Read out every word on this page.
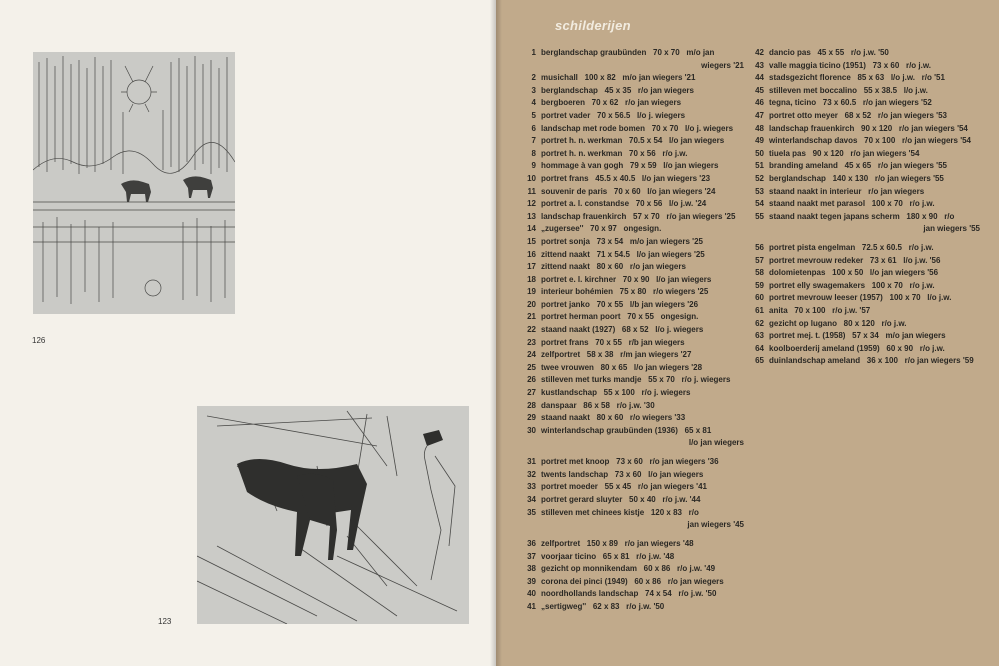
126
123
schilderijen
1 berglandschap graubünden   70 x 70   m/o jan
wiegers '21
2 musichall   100 x 82   m/o jan wiegers '21
3 berglandschap   45 x 35   r/o jan wiegers
4 bergboeren   70 x 62   r/o jan wiegers
5 portret vader   70 x 56.5   l/o j. wiegers
6 landschap met rode bomen   70 x 70   l/o j. wiegers
7 portret h. n. werkman   70.5 x 54   l/o jan wiegers
8 portret h. n. werkman   70 x 56   r/o j.w.
9 hommage à van gogh   79 x 59   l/o jan wiegers
10 portret frans   45.5 x 40.5   l/o jan wiegers '23
11 souvenir de paris   70 x 60   l/o jan wiegers '24
12 portret a. l. constandse   70 x 56   l/o j.w. '24
13 landschap frauenkirch   57 x 70   r/o jan wiegers '25
14 „zugersee''   70 x 97   ongesign.
15 portret sonja   73 x 54   m/o jan wiegers '25
16 zittend naakt   71 x 54.5   l/o jan wiegers '25
17 zittend naakt   80 x 60   r/o jan wiegers
18 portret e. l. kirchner   70 x 90   l/o jan wiegers
19 interieur bohémien   75 x 80   r/o wiegers '25
20 portret janko   70 x 55   l/b jan wiegers '26
21 portret herman poort   70 x 55   ongesign.
22 staand naakt (1927)   68 x 52   l/o j. wiegers
23 portret frans   70 x 55   r/b jan wiegers
24 zelfportret   58 x 38   r/m jan wiegers '27
25 twee vrouwen   80 x 65   l/o jan wiegers '28
26 stilleven met turks mandje   55 x 70   r/o j. wiegers
27 kustlandschap   55 x 100   r/o j. wiegers
28 danspaar   86 x 58   r/o j.w. '30
29 staand naakt   80 x 60   r/o wiegers '33
30 winterlandschap graubünden (1936)   65 x 81
l/o jan wiegers
31 portret met knoop   73 x 60   r/o jan wiegers '36
32 twents landschap   73 x 60   l/o jan wiegers
33 portret moeder   55 x 45   r/o jan wiegers '41
34 portret gerard sluyter   50 x 40   r/o j.w. '44
35 stilleven met chinees kistje   120 x 83   r/o
jan wiegers '45
36 zelfportret   150 x 89   r/o jan wiegers '48
37 voorjaar ticino   65 x 81   r/o j.w. '48
38 gezicht op monnikendam   60 x 86   r/o j.w. '49
39 corona dei pinci (1949)   60 x 86   r/o jan wiegers
40 noordhollands landschap   74 x 54   r/o j.w. '50
41 „sertigweg''   62 x 83   r/o j.w. '50
42 dancio pas   45 x 55   r/o j.w. '50
43 valle maggia ticino (1951)   73 x 60   r/o j.w.
44 stadsgezicht florence   85 x 63   l/o j.w.   r/o '51
45 stilleven met boccalino   55 x 38.5   l/o j.w.
46 tegna, ticino   73 x 60.5   r/o jan wiegers '52
47 portret otto meyer   68 x 52   r/o jan wiegers '53
48 landschap frauenkirch   90 x 120   r/o jan wiegers '54
49 winterlandschap davos   70 x 100   r/o jan wiegers '54
50 tiuela pas   90 x 120   r/o jan wiegers '54
51 branding ameland   45 x 65   r/o jan wiegers '55
52 berglandschap   140 x 130   r/o jan wiegers '55
53 staand naakt in interieur   r/o jan wiegers
54 staand naakt met parasol   100 x 70   r/o j.w.
55 staand naakt tegen japans scherm   180 x 90   r/o
jan wiegers '55
56 portret pista engelman   72.5 x 60.5   r/o j.w.
57 portret mevrouw redeker   73 x 61   l/o j.w. '56
58 dolomietenpas   100 x 50   l/o jan wiegers '56
59 portret elly swagemakers   100 x 70   r/o j.w.
60 portret mevrouw leeser (1957)   100 x 70   l/o j.w.
61 anita   70 x 100   r/o j.w. '57
62 gezicht op lugano   80 x 120   r/o j.w.
63 portret mej. t. (1958)   57 x 34   m/o jan wiegers
64 koolboerderij ameland (1959)   60 x 90   r/o j.w.
65 duinlandschap ameland   36 x 100   r/o jan wiegers '59
